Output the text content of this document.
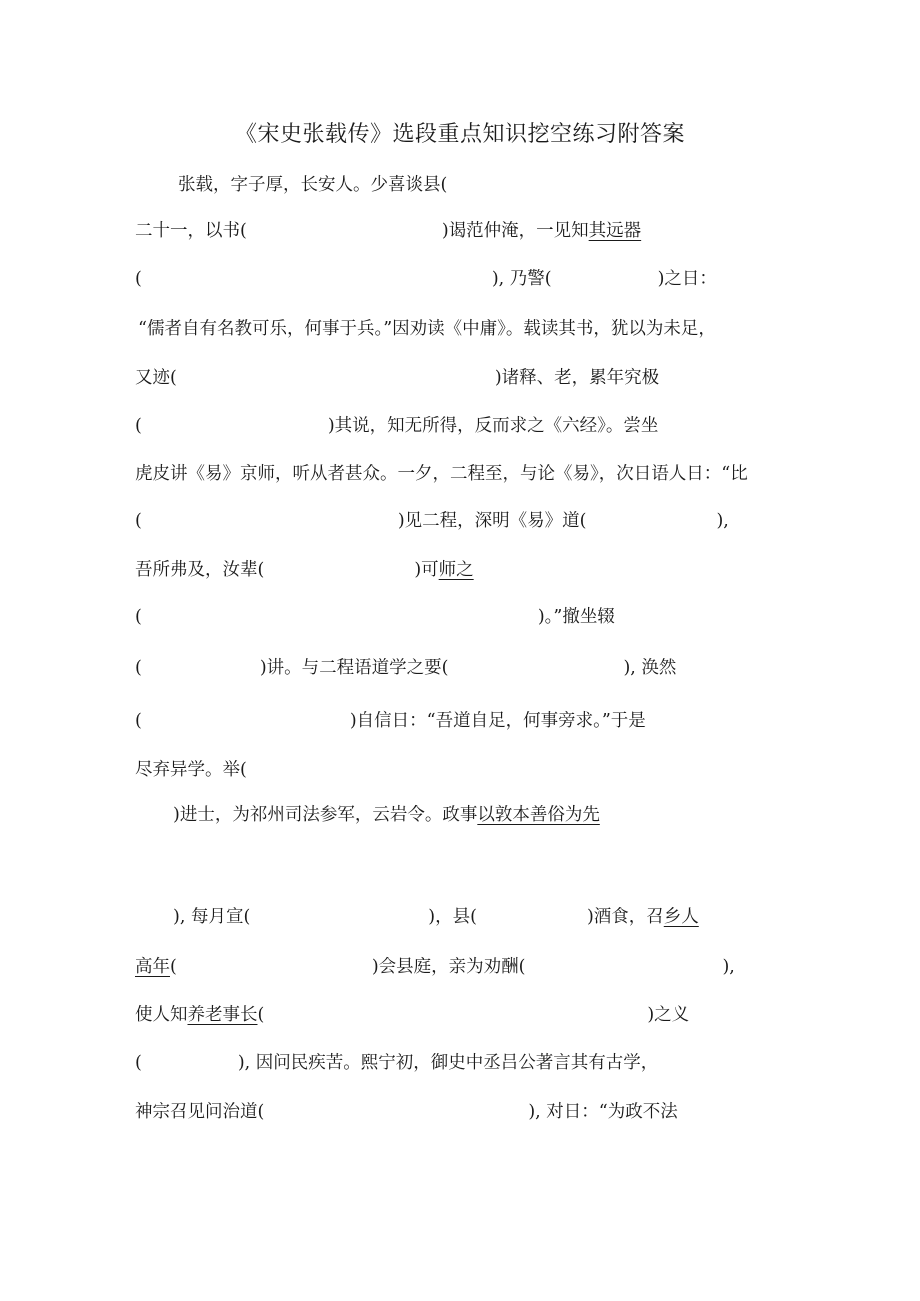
《宋史张载传》选段重点知识挖空练习附答案
张载，字子厚，长安人。少喜谈县(
二十一，以书(	)谒范仲淹，一见知其远器
(	), 乃警(	)之日：
“儒者自有名教可乐，何事于兵。”因劝读《中庸》。载读其书，犹以为未足，
又迹(	)诸释、老，累年究极
(	)其说，知无所得，反而求之《六经》。尝坐
虎皮讲《易》京师，听从者甚众。一夕，二程至，与论《易》，次日语人日：“比
(	)见二程，深明《易》道(	),
吾所弗及，汝辈(	)可师之
(	)。”撤坐辍
(	)讲。与二程语道学之要(	), 涣然
(	)自信日：“吾道自足，何事旁求。”于是
尽弃异学。举(
)进士，为祁州司法参军，云岩令。政事以敦本善俗为先
), 每月宣(	)，县(	)酒食，召乡人
高年(	)会县庭，亲为劝酬(	),
使人知养老事长(	)之义
(	), 因问民疾苦。熙宁初，御史中丞吕公著言其有古学，
神宗召见问治道(	), 对日：“为政不法
